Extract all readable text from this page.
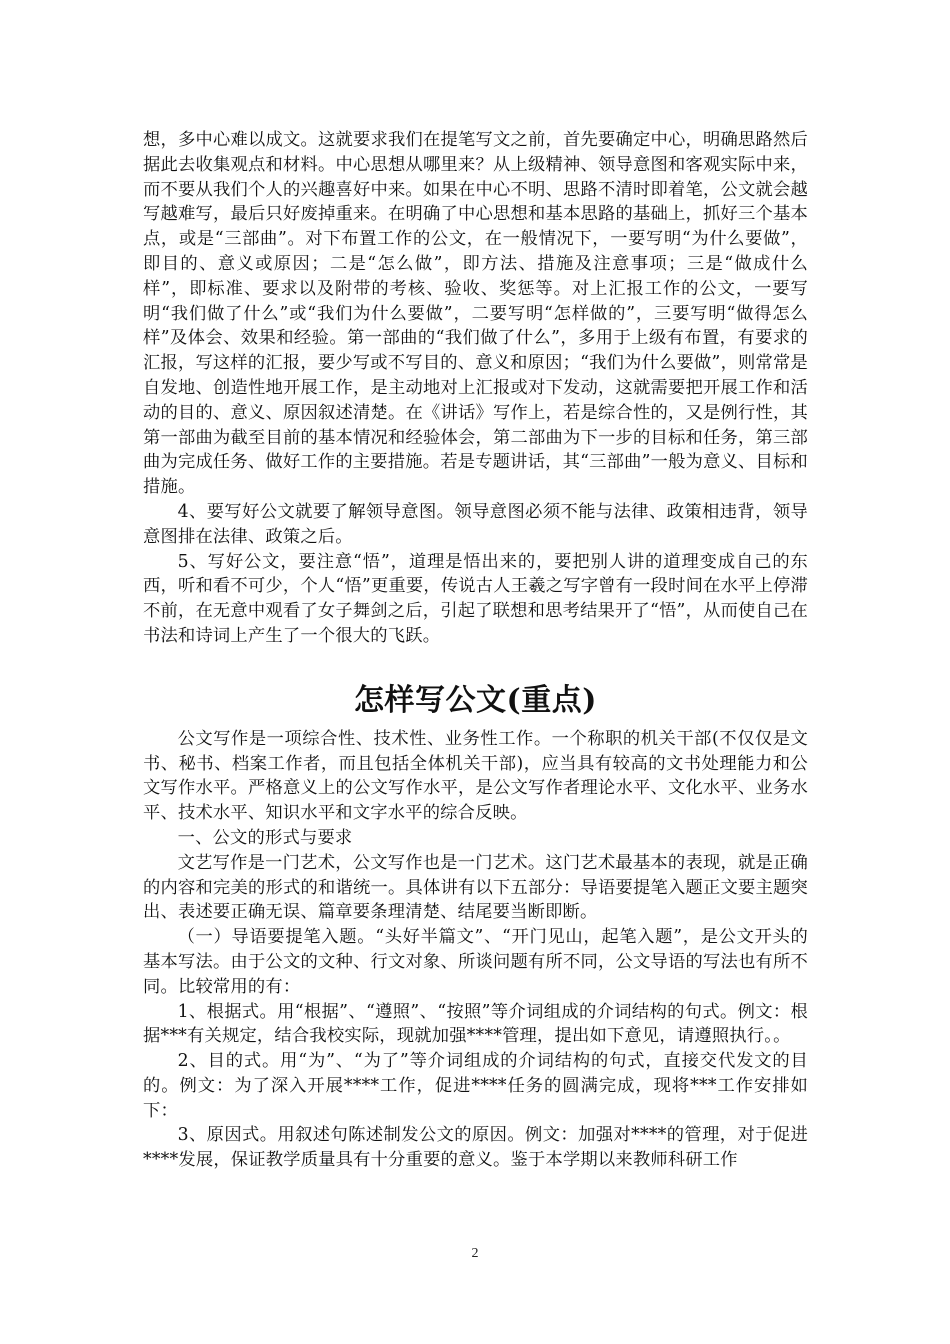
想，多中心难以成文。这就要求我们在提笔写文之前，首先要确定中心，明确思路然后据此去收集观点和材料。中心思想从哪里来？从上级精神、领导意图和客观实际中来，而不要从我们个人的兴趣喜好中来。如果在中心不明、思路不清时即着笔，公文就会越写越难写，最后只好废掉重来。在明确了中心思想和基本思路的基础上，抓好三个基本点，或是“三部曲”。对下布置工作的公文，在一般情况下，一要写明“为什么要做”，即目的、意义或原因；二是“怎么做”，即方法、措施及注意事项；三是“做成什么样”，即标准、要求以及附带的考核、验收、奖惩等。对上汇报工作的公文，一要写明“我们做了什么”或“我们为什么要做”，二要写明“怎样做的”，三要写明“做得怎么样”及体会、效果和经验。第一部曲的“我们做了什么”，多用于上级有布置，有要求的汇报，写这样的汇报，要少写或不写目的、意义和原因；“我们为什么要做”，则常常是自发地、创造性地开展工作，是主动地对上汇报或对下发动，这就需要把开展工作和活动的目的、意义、原因叙述清楚。在《讲话》写作上，若是综合性的，又是例行性，其第一部曲为截至目前的基本情况和经验体会，第二部曲为下一步的目标和任务，第三部曲为完成任务、做好工作的主要措施。若是专题讲话，其“三部曲”一般为意义、目标和措施。

4、要写好公文就要了解领导意图。领导意图必须不能与法律、政策相违背，领导意图排在法律、政策之后。

5、写好公文，要注意“悟”，道理是悟出来的，要把别人讲的道理变成自己的东西，听和看不可少，个人“悟”更重要，传说古人王羲之写字曾有一段时间在水平上停滞不前，在无意中观看了女子舞剑之后，引起了联想和思考结果开了“悟”，从而使自己在书法和诗词上产生了一个很大的飞跃。

怎样写公文(重点)

公文写作是一项综合性、技术性、业务性工作。一个称职的机关干部(不仅仅是文书、秘书、档案工作者，而且包括全体机关干部)，应当具有较高的文书处理能力和公文写作水平。严格意义上的公文写作水平，是公文写作者理论水平、文化水平、业务水平、技术水平、知识水平和文字水平的综合反映。

一、公文的形式与要求

文艺写作是一门艺术，公文写作也是一门艺术。这门艺术最基本的表现，就是正确的内容和完美的形式的和谐统一。具体讲有以下五部分：导语要提笔入题正文要主题突出、表述要正确无误、篇章要条理清楚、结尾要当断即断。

（一）导语要提笔入题。“头好半篇文”、“开门见山，起笔入题”，是公文开头的基本写法。由于公文的文种、行文对象、所谈问题有所不同，公文导语的写法也有所不同。比较常用的有：

1、根据式。用“根据”、“遵照”、“按照”等介词组成的介词结构的句式。例文：根据***有关规定，结合我校实际，现就加强****管理，提出如下意见，请遵照执行。。

2、目的式。用“为”、“为了”等介词组成的介词结构的句式，直接交代发文的目的。例文：为了深入开展****工作，促进****任务的圆满完成，现将***工作安排如下：

3、原因式。用叙述句陈述制发公文的原因。例文：加强对****的管理，对于促进****发展，保证教学质量具有十分重要的意义。鉴于本学期以来教师科研工作

2
